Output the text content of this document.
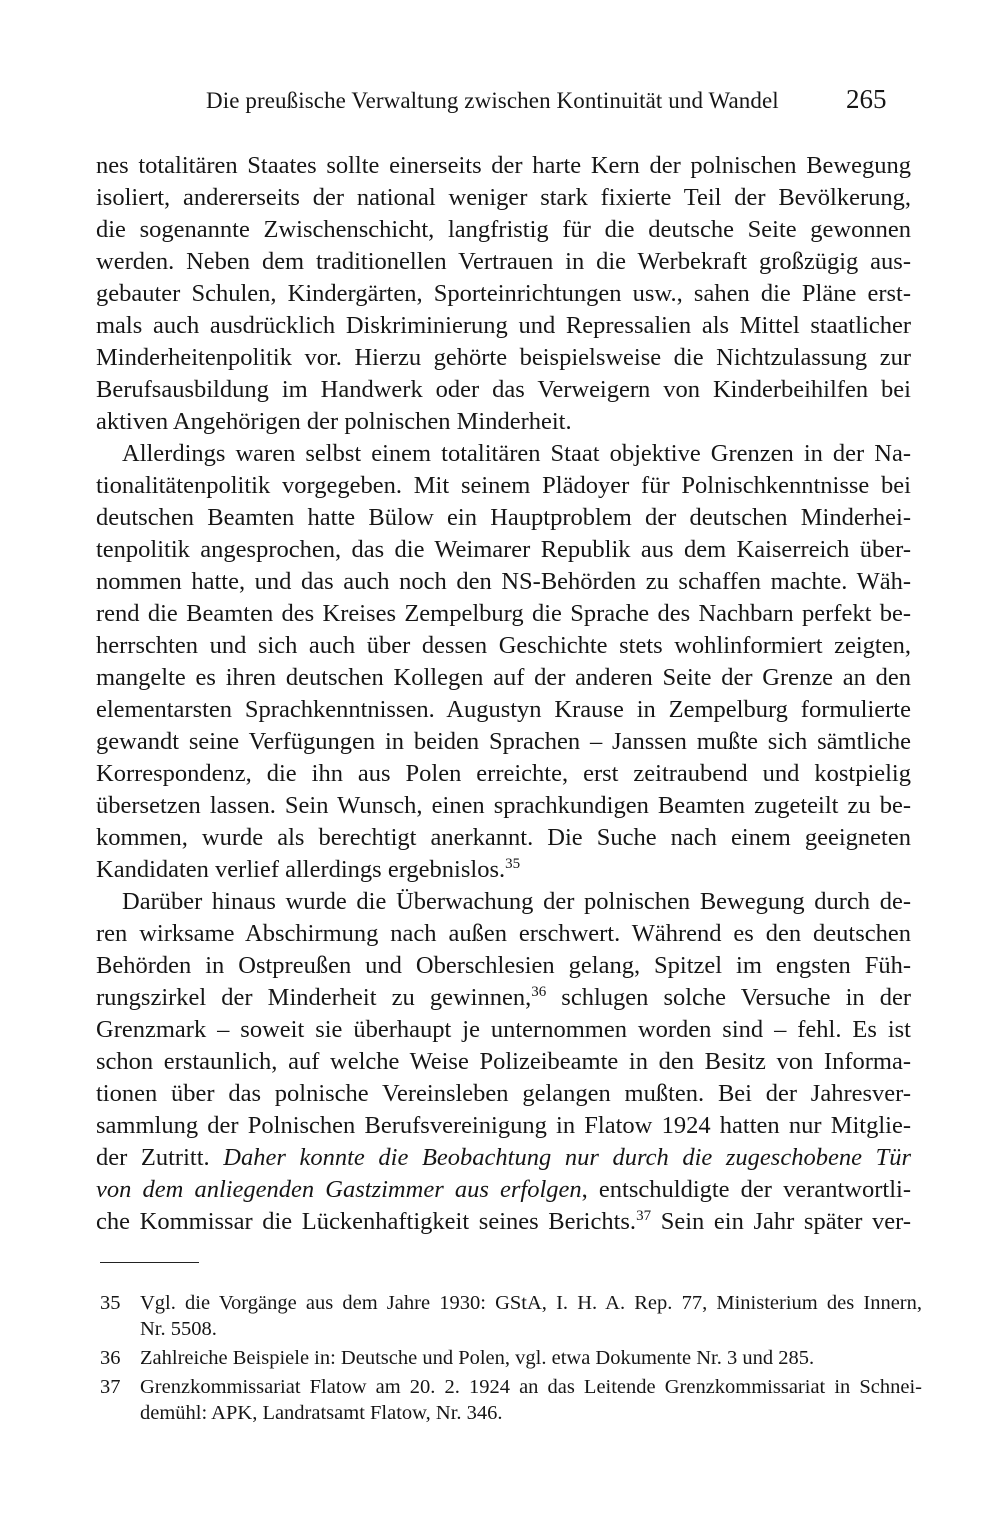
Die preußische Verwaltung zwischen Kontinuität und Wandel 265
nes totalitären Staates sollte einerseits der harte Kern der polnischen Bewegung
isoliert, andererseits der national weniger stark fixierte Teil der Bevölkerung,
die sogenannte Zwischenschicht, langfristig für die deutsche Seite gewonnen
werden. Neben dem traditionellen Vertrauen in die Werbekraft großzügig aus-
gebauter Schulen, Kindergärten, Sporteinrichtungen usw., sahen die Pläne erst-
mals auch ausdrücklich Diskriminierung und Repressalien als Mittel staatlicher
Minderheitenpolitik vor. Hierzu gehörte beispielsweise die Nichtzulassung zur
Berufsausbildung im Handwerk oder das Verweigern von Kinderbeihilfen bei
aktiven Angehörigen der polnischen Minderheit.
Allerdings waren selbst einem totalitären Staat objektive Grenzen in der Na-
tionalitätenpolitik vorgegeben. Mit seinem Plädoyer für Polnischkenntnisse bei
deutschen Beamten hatte Bülow ein Hauptproblem der deutschen Minderhei-
tenpolitik angesprochen, das die Weimarer Republik aus dem Kaiserreich über-
nommen hatte, und das auch noch den NS-Behörden zu schaffen machte. Wäh-
rend die Beamten des Kreises Zempelburg die Sprache des Nachbarn perfekt be-
herrschten und sich auch über dessen Geschichte stets wohlinformiert zeigten,
mangelte es ihren deutschen Kollegen auf der anderen Seite der Grenze an den
elementarsten Sprachkenntnissen. Augustyn Krause in Zempelburg formulierte
gewandt seine Verfügungen in beiden Sprachen – Janssen mußte sich sämtliche
Korrespondenz, die ihn aus Polen erreichte, erst zeitraubend und kostpielig
übersetzen lassen. Sein Wunsch, einen sprachkundigen Beamten zugeteilt zu be-
kommen, wurde als berechtigt anerkannt. Die Suche nach einem geeigneten
Kandidaten verlief allerdings ergebnislos.$^{35}$
Darüber hinaus wurde die Überwachung der polnischen Bewegung durch de-
ren wirksame Abschirmung nach außen erschwert. Während es den deutschen
Behörden in Ostpreußen und Oberschlesien gelang, Spitzel im engsten Füh-
rungszirkel der Minderheit zu gewinnen,$^{36}$ schlugen solche Versuche in der
Grenzmark – soweit sie überhaupt je unternommen worden sind – fehl. Es ist
schon erstaunlich, auf welche Weise Polizeibeamte in den Besitz von Informa-
tionen über das polnische Vereinsleben gelangen mußten. Bei der Jahresver-
sammlung der Polnischen Berufsvereinigung in Flatow 1924 hatten nur Mitglie-
der Zutritt. Daher konnte die Beobachtung nur durch die zugeschobene Tür
von dem anliegenden Gastzimmer aus erfolgen, entschuldigte der verantwortli-
che Kommissar die Lückenhaftigkeit seines Berichts.$^{37}$ Sein ein Jahr später ver-
35 Vgl. die Vorgänge aus dem Jahre 1930: GStA, I. H. A. Rep. 77, Ministerium des Innern,
Nr. 5508.
36 Zahlreiche Beispiele in: Deutsche und Polen, vgl. etwa Dokumente Nr. 3 und 285.
37 Grenzkommissariat Flatow am 20. 2. 1924 an das Leitende Grenzkommissariat in Schnei-
demühl: APK, Landratsamt Flatow, Nr. 346.
